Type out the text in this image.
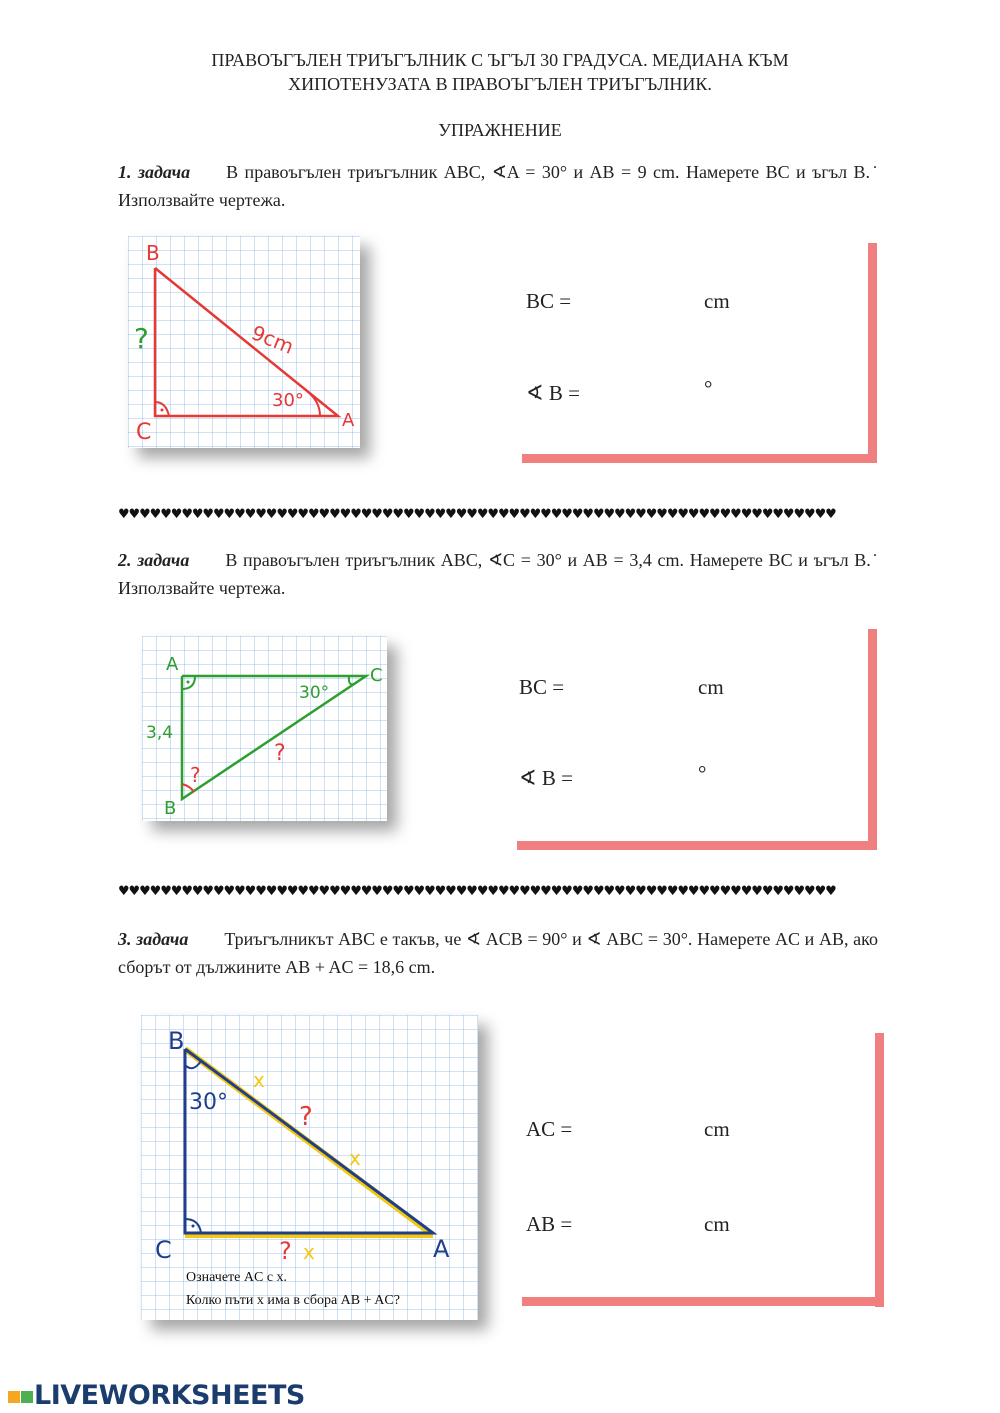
ПРАВОЪГЪЛЕН ТРИЪГЪЛНИК С ЪГЪЛ 30 ГРАДУСА. МЕДИАНА КЪМ
ХИПОТЕНУЗАТА В ПРАВОЪГЪЛЕН ТРИЪГЪЛНИК.
УПРАЖНЕНИЕ
1. задача В правоъгълен триъгълник ABC, ∢A = 30° и AB = 9 cm. Намерете BC и ъгъл B.˙ Използвайте чертежа.
B
C	A
?	9cm
30°
BC =	cm
∢ B =	°
♥♥♥♥♥♥♥♥♥♥♥♥♥♥♥♥♥♥♥♥♥♥♥♥♥♥♥♥♥♥♥♥♥♥♥♥♥♥♥♥♥♥♥♥♥♥♥♥♥♥♥♥♥♥♥♥♥♥♥♥♥♥♥♥♥♥♥♥
2. задача В правоъгълен триъгълник ABC, ∢C = 30° и AB = 3,4 cm. Намерете BC и ъгъл B.˙ Използвайте чертежа.
A
C
B
3,4
30°
?
?
BC =	cm
∢ B =	°
♥♥♥♥♥♥♥♥♥♥♥♥♥♥♥♥♥♥♥♥♥♥♥♥♥♥♥♥♥♥♥♥♥♥♥♥♥♥♥♥♥♥♥♥♥♥♥♥♥♥♥♥♥♥♥♥♥♥♥♥♥♥♥♥♥♥♥♥
3. задача Триъгълникът ABC е такъв, че ∢ ACB = 90° и ∢ ABC = 30°. Намерете AC и AB, ако сборът от дължините AB + AC = 18,6 cm.
B
C	A
30°
x
?
x
? x
Означете AC с x.
Колко пъти x има в сбора AB + AC?
AC =	cm
AB =	cm
LIVEWORKSHEETS
